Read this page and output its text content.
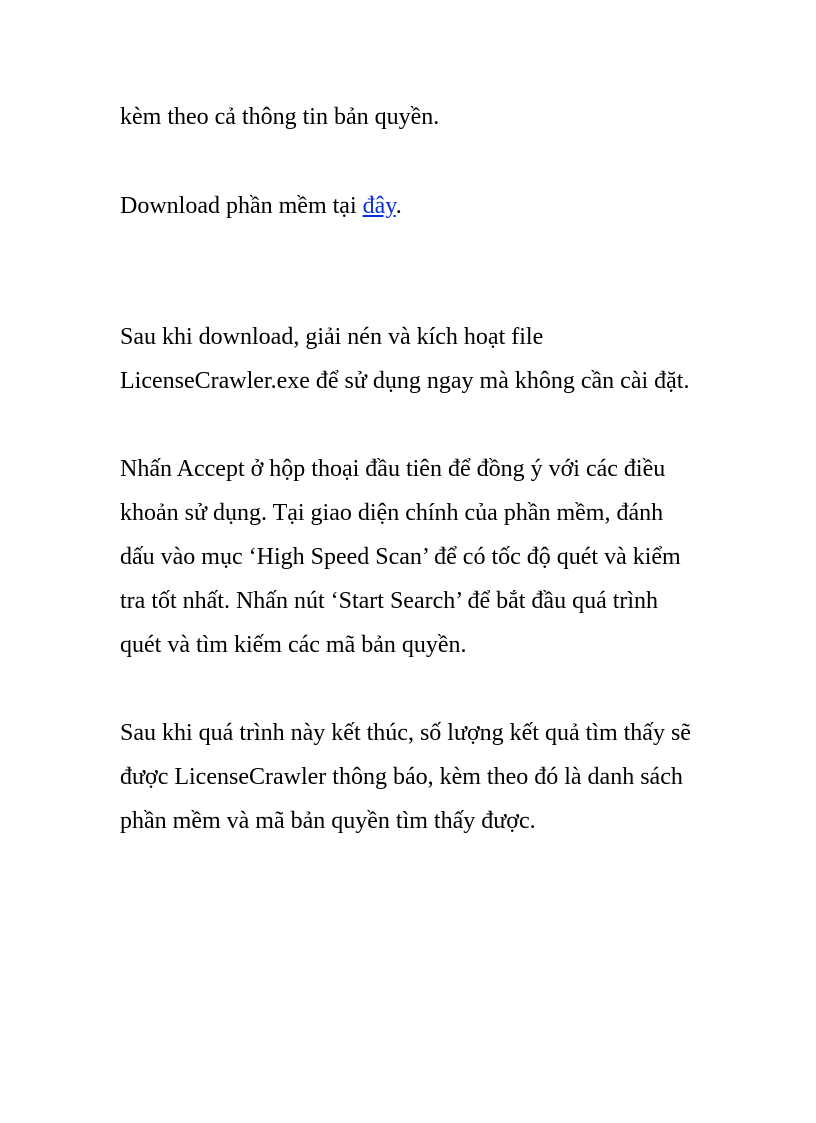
kèm theo cả thông tin bản quyền.

Download phần mềm tại đây.

Sau khi download, giải nén và kích hoạt file

LicenseCrawler.exe để sử dụng ngay mà không cần cài đặt.

Nhấn Accept ở hộp thoại đầu tiên để đồng ý với các điều

khoản sử dụng. Tại giao diện chính của phần mềm, đánh

dấu vào mục ‘High Speed Scan’ để có tốc độ quét và kiểm

tra tốt nhất. Nhấn nút ‘Start Search’ để bắt đầu quá trình

quét và tìm kiếm các mã bản quyền.

Sau khi quá trình này kết thúc, số lượng kết quả tìm thấy sẽ

được LicenseCrawler thông báo, kèm theo đó là danh sách

phần mềm và mã bản quyền tìm thấy được.
